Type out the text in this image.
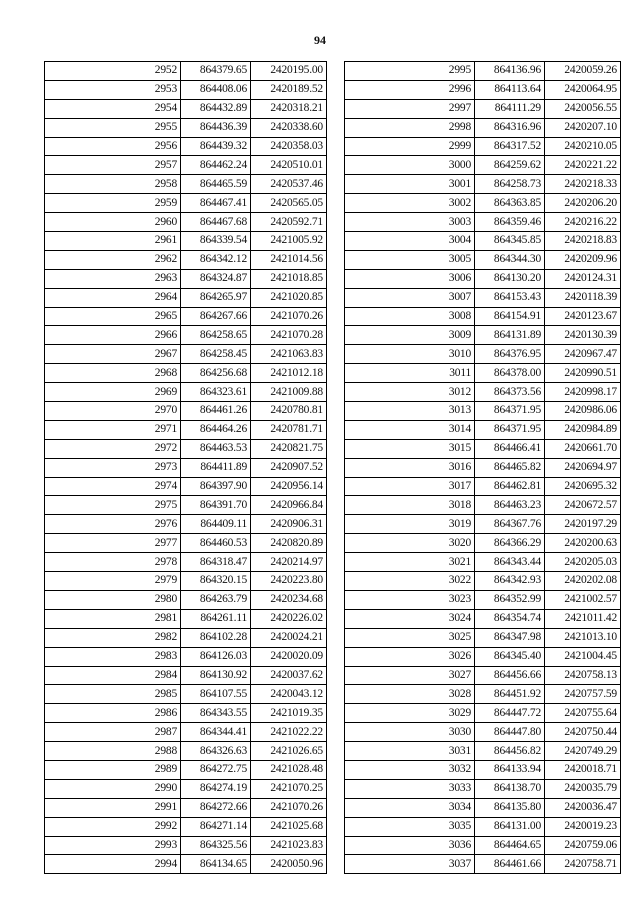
94
2952	864379.65	2420195.00
2953	864408.06	2420189.52
2954	864432.89	2420318.21
2955	864436.39	2420338.60
2956	864439.32	2420358.03
2957	864462.24	2420510.01
2958	864465.59	2420537.46
2959	864467.41	2420565.05
2960	864467.68	2420592.71
2961	864339.54	2421005.92
2962	864342.12	2421014.56
2963	864324.87	2421018.85
2964	864265.97	2421020.85
2965	864267.66	2421070.26
2966	864258.65	2421070.28
2967	864258.45	2421063.83
2968	864256.68	2421012.18
2969	864323.61	2421009.88
2970	864461.26	2420780.81
2971	864464.26	2420781.71
2972	864463.53	2420821.75
2973	864411.89	2420907.52
2974	864397.90	2420956.14
2975	864391.70	2420966.84
2976	864409.11	2420906.31
2977	864460.53	2420820.89
2978	864318.47	2420214.97
2979	864320.15	2420223.80
2980	864263.79	2420234.68
2981	864261.11	2420226.02
2982	864102.28	2420024.21
2983	864126.03	2420020.09
2984	864130.92	2420037.62
2985	864107.55	2420043.12
2986	864343.55	2421019.35
2987	864344.41	2421022.22
2988	864326.63	2421026.65
2989	864272.75	2421028.48
2990	864274.19	2421070.25
2991	864272.66	2421070.26
2992	864271.14	2421025.68
2993	864325.56	2421023.83
2994	864134.65	2420050.96
2995	864136.96	2420059.26
2996	864113.64	2420064.95
2997	864111.29	2420056.55
2998	864316.96	2420207.10
2999	864317.52	2420210.05
3000	864259.62	2420221.22
3001	864258.73	2420218.33
3002	864363.85	2420206.20
3003	864359.46	2420216.22
3004	864345.85	2420218.83
3005	864344.30	2420209.96
3006	864130.20	2420124.31
3007	864153.43	2420118.39
3008	864154.91	2420123.67
3009	864131.89	2420130.39
3010	864376.95	2420967.47
3011	864378.00	2420990.51
3012	864373.56	2420998.17
3013	864371.95	2420986.06
3014	864371.95	2420984.89
3015	864466.41	2420661.70
3016	864465.82	2420694.97
3017	864462.81	2420695.32
3018	864463.23	2420672.57
3019	864367.76	2420197.29
3020	864366.29	2420200.63
3021	864343.44	2420205.03
3022	864342.93	2420202.08
3023	864352.99	2421002.57
3024	864354.74	2421011.42
3025	864347.98	2421013.10
3026	864345.40	2421004.45
3027	864456.66	2420758.13
3028	864451.92	2420757.59
3029	864447.72	2420755.64
3030	864447.80	2420750.44
3031	864456.82	2420749.29
3032	864133.94	2420018.71
3033	864138.70	2420035.79
3034	864135.80	2420036.47
3035	864131.00	2420019.23
3036	864464.65	2420759.06
3037	864461.66	2420758.71
